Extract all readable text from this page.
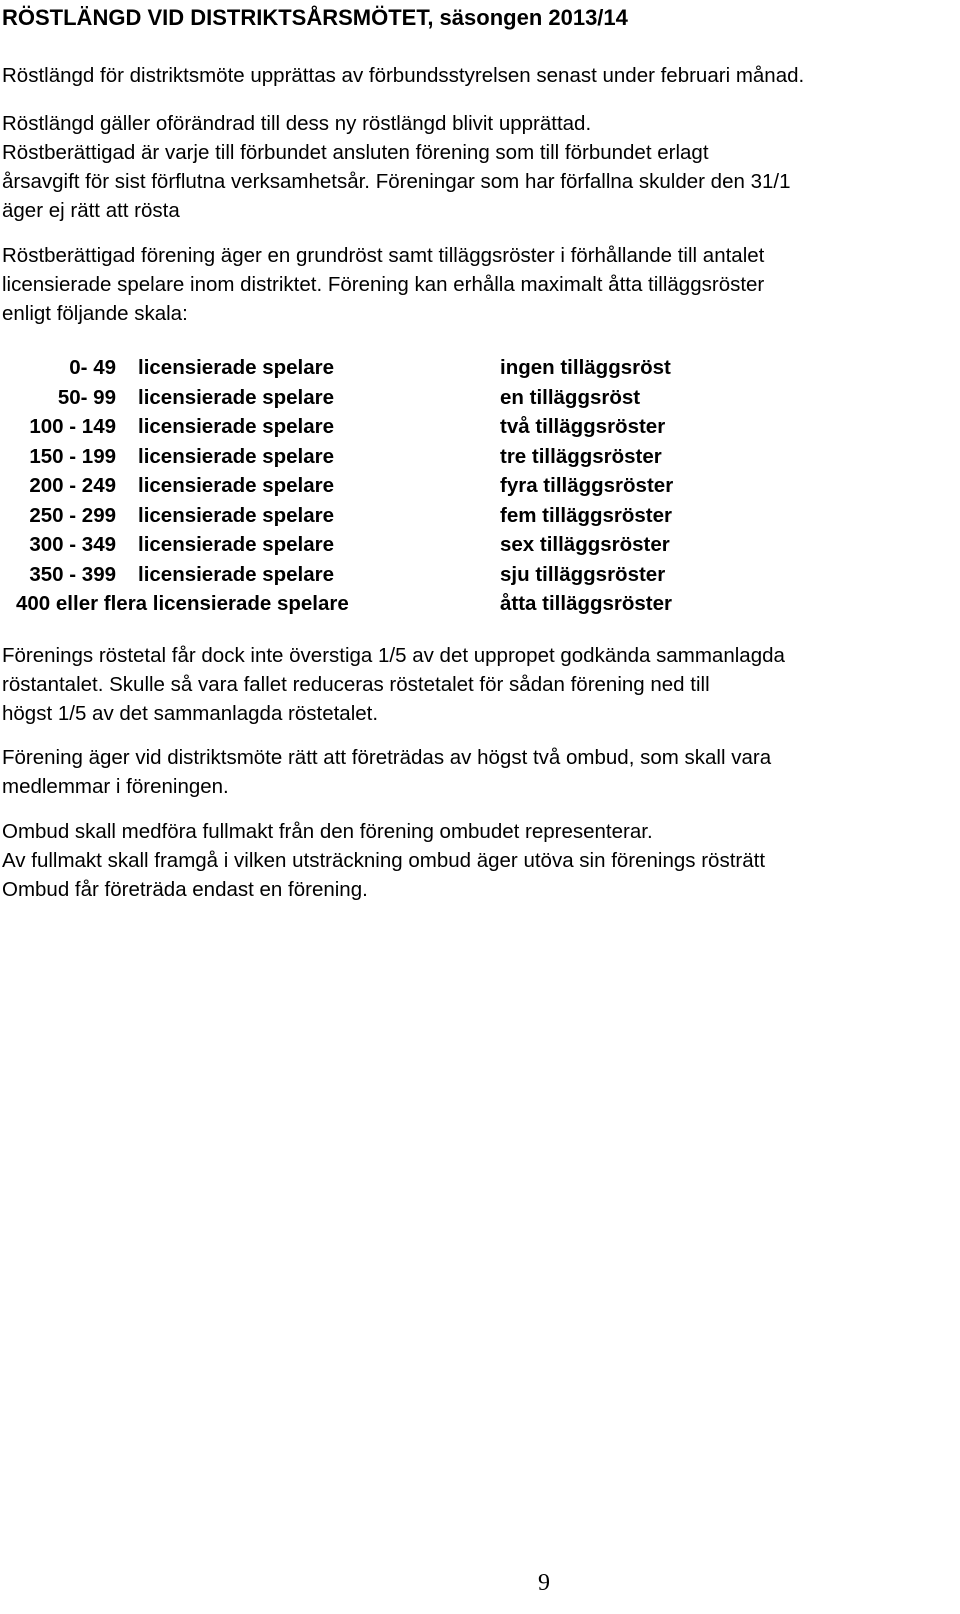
RÖSTLÄNGD VID DISTRIKTSÅRSMÖTET, säsongen 2013/14

Röstlängd för distriktsmöte upprättas av förbundsstyrelsen senast under februari månad.

Röstlängd gäller oförändrad till dess ny röstlängd blivit upprättad.
Röstberättigad är varje till förbundet ansluten förening som till förbundet erlagt
årsavgift för sist förflutna verksamhetsår. Föreningar som har förfallna skulder den 31/1
äger ej rätt att rösta

Röstberättigad förening äger en grundröst samt tilläggsröster i förhållande till antalet
licensierade spelare inom distriktet. Förening kan erhålla maximalt åtta tilläggsröster
enligt följande skala:

0- 49 licensierade spelare	ingen tilläggsröst
50- 99 licensierade spelare	en tilläggsröst
100 - 149 licensierade spelare	två tilläggsröster
150 - 199 licensierade spelare	tre tilläggsröster
200 - 249 licensierade spelare	fyra tilläggsröster
250 - 299 licensierade spelare	fem tilläggsröster
300 - 349 licensierade spelare	sex tilläggsröster
350 - 399 licensierade spelare	sju tilläggsröster
400 eller flera licensierade spelare	åtta tilläggsröster

Förenings röstetal får dock inte överstiga 1/5 av det uppropet godkända sammanlagda
röstantalet. Skulle så vara fallet reduceras röstetalet för sådan förening ned till
högst 1/5 av det sammanlagda röstetalet.

Förening äger vid distriktsmöte rätt att företrädas av högst två ombud, som skall vara
medlemmar i föreningen.

Ombud skall medföra fullmakt från den förening ombudet representerar.
Av fullmakt skall framgå i vilken utsträckning ombud äger utöva sin förenings rösträtt
Ombud får företräda endast en förening.

9
